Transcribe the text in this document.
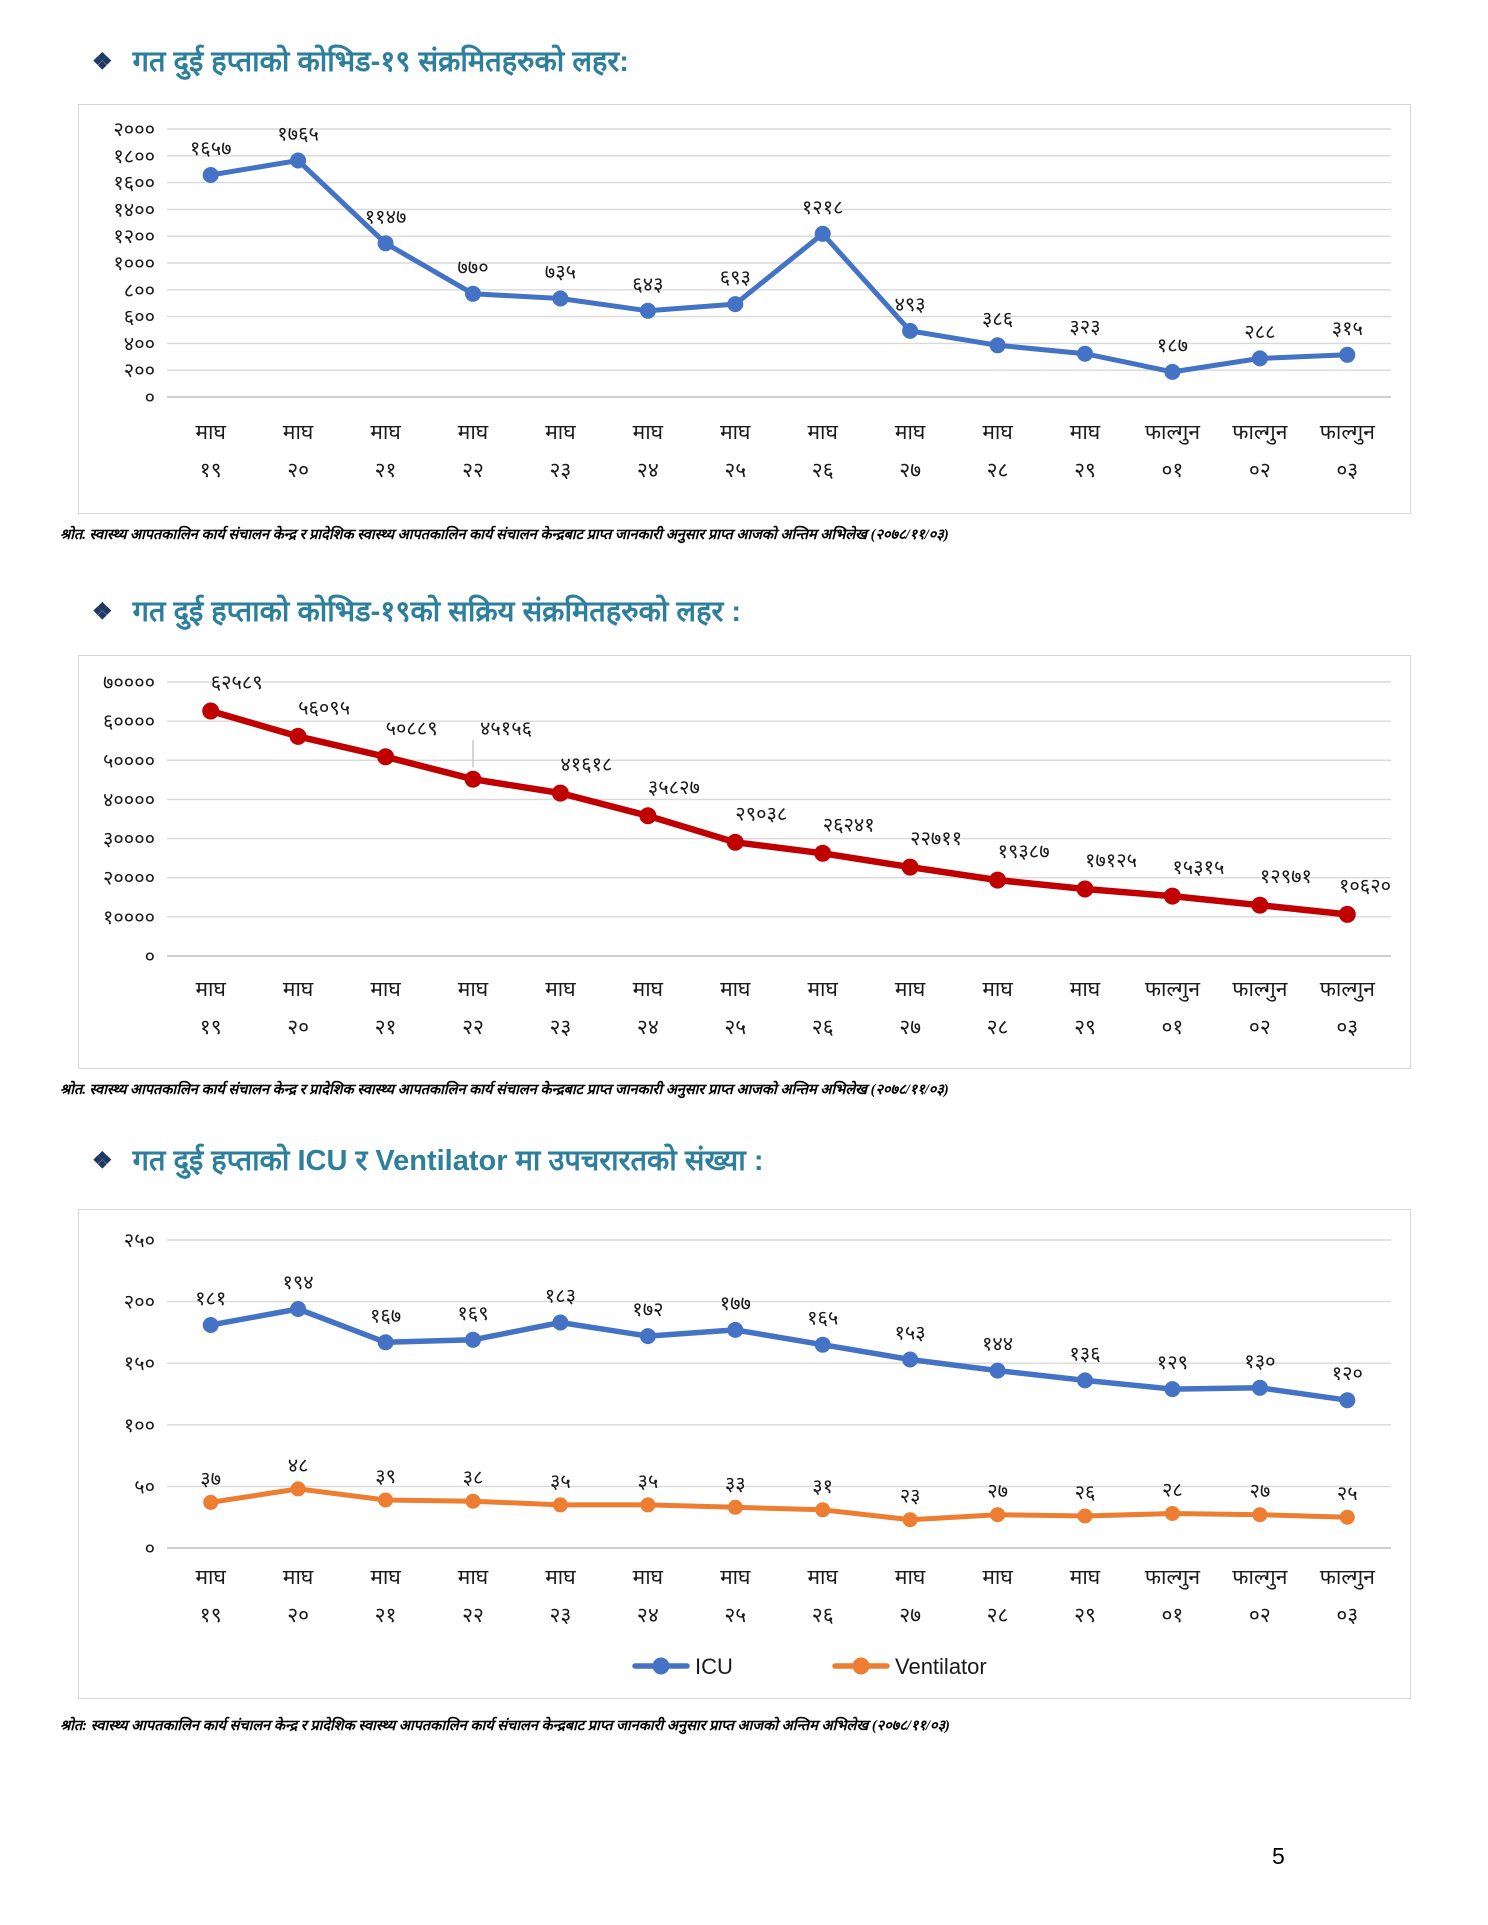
❖ गत दुई हप्ताको कोभिड-१९ संक्रमितहरुको लहर:
२०००
१८००
१६००
१४००
१२००
१०००
८००
६००
४००
२००
०
माघ
१९
माघ
२०
माघ
२१
माघ
२२
माघ
२३
माघ
२४
माघ
२५
माघ
२६
माघ
२७
माघ
२८
माघ
२९
फाल्गुन
०१
फाल्गुन
०२
फाल्गुन
०३
१६५७
१७६५
११४७
७७०	७३५
६४३	६९३
१२१८
४९३
३८६	३२३
१८७
२८८	३१५

श्रोत. स्वास्थ्य आपतकालिन कार्य संचालन केन्द्र र प्रादेशिक स्वास्थ्य आपतकालिन कार्य संचालन केन्द्रबाट प्राप्त जानकारी अनुसार प्राप्त आजको अन्तिम अभिलेख (२०७८/११/०३)

❖ गत दुई हप्ताको कोभिड-१९को सक्रिय संक्रमितहरुको लहर :
७००००
६००००
५००००
४००००
३००००
२००००
१००००
०
माघ
१९
माघ
२०
माघ
२१
माघ
२२
माघ
२३
माघ
२४
माघ
२५
माघ
२६
माघ
२७
माघ
२८
माघ
२९
फाल्गुन
०१
फाल्गुन
०२
फाल्गुन
०३
६२५८९
५६०९५
५०८८९ ४५१५६
४१६१८
३५८२७
२९०३८ २६२४१
२२७११
१९३८७ १७१२५ १५३१५ १२९७१ १०६२०

श्रोत. स्वास्थ्य आपतकालिन कार्य संचालन केन्द्र र प्रादेशिक स्वास्थ्य आपतकालिन कार्य संचालन केन्द्रबाट प्राप्त जानकारी अनुसार प्राप्त आजको अन्तिम अभिलेख (२०७८/११/०३)

❖ गत दुई हप्ताको ICU र Ventilator मा उपचरारतको संख्या :
२५०
२००
१५०
१००
५०
०
माघ
१९
माघ
२०
माघ
२१
माघ
२२
माघ
२३
माघ
२४
माघ
२५
माघ
२६
माघ
२७
माघ
२८
माघ
२९
फाल्गुन
०१
फाल्गुन
०२
फाल्गुन
०३
१८१
१९४
१६७	१६९
१८३
१७२	१७७
१६५
१५३
१४४	१३६	१२९	१३०
१२०
३७
४८
३९	३८	३५	३५	३३	३१	२३	२७	२६	२८	२७	२५
ICU	Ventilator

श्रोत: स्वास्थ्य आपतकालिन कार्य संचालन केन्द्र र प्रादेशिक स्वास्थ्य आपतकालिन कार्य संचालन केन्द्रबाट प्राप्त जानकारी अनुसार प्राप्त आजको अन्तिम अभिलेख (२०७८/११/०३)

5
